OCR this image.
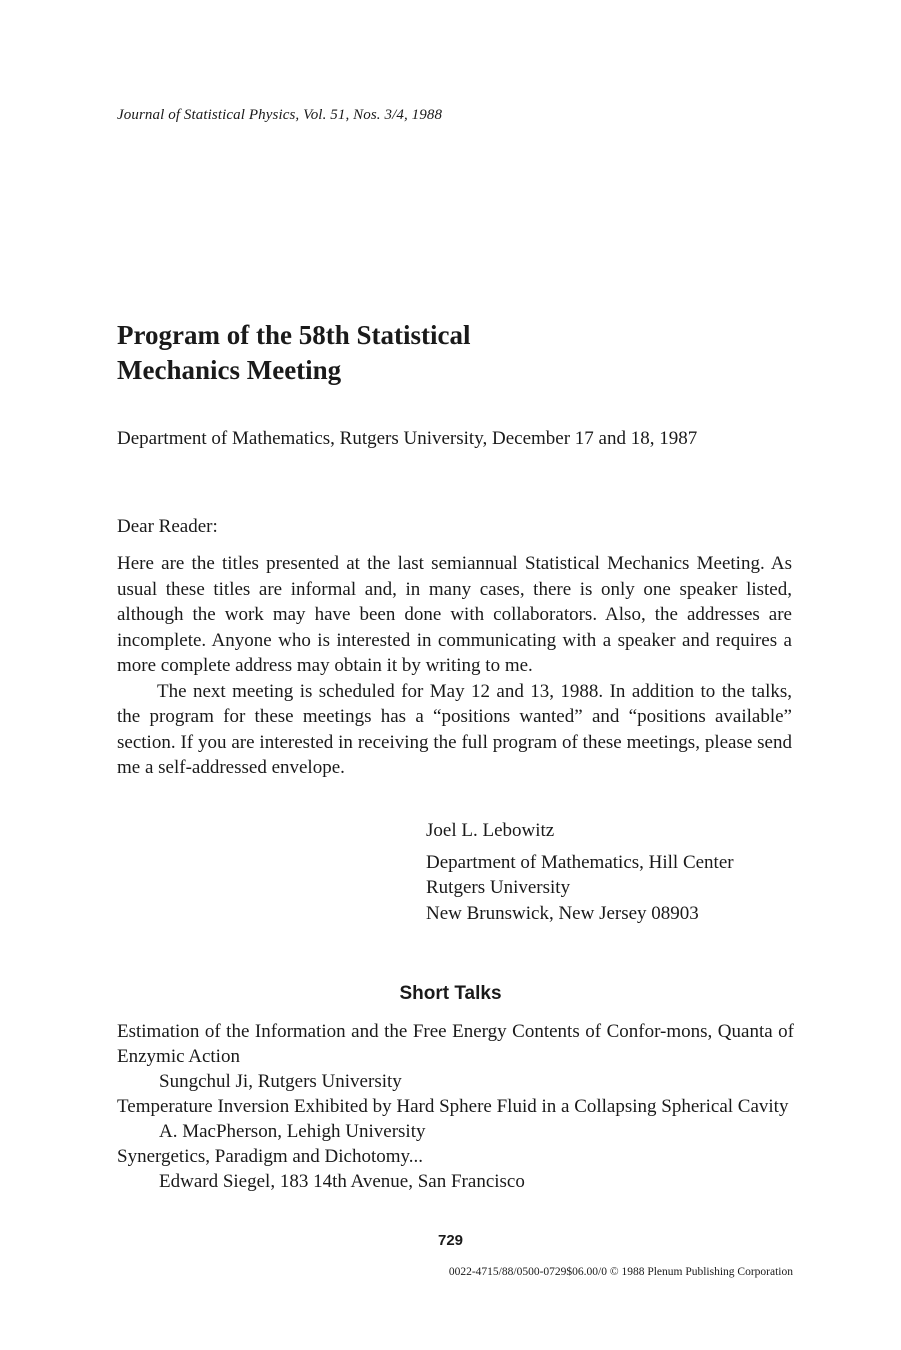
Journal of Statistical Physics, Vol. 51, Nos. 3/4, 1988
Program of the 58th Statistical
Mechanics Meeting

Department of Mathematics, Rutgers University, December 17 and 18, 1987

Dear Reader:

Here are the titles presented at the last semiannual Statistical Mechanics Meeting. As usual these titles are informal and, in many cases, there is only one speaker listed, although the work may have been done with collaborators. Also, the addresses are incomplete. Anyone who is interested in communicating with a speaker and requires a more complete address may obtain it by writing to me.

The next meeting is scheduled for May 12 and 13, 1988. In addition to the talks, the program for these meetings has a “positions wanted” and “positions available” section. If you are interested in receiving the full program of these meetings, please send me a self-addressed envelope.

Joel L. Lebowitz
Department of Mathematics, Hill Center
Rutgers University
New Brunswick, New Jersey 08903
Short Talks

Estimation of the Information and the Free Energy Contents of Confor-mons, Quanta of Enzymic Action

Sungchul Ji, Rutgers University

Temperature Inversion Exhibited by Hard Sphere Fluid in a Collapsing Spherical Cavity

A. MacPherson, Lehigh University

Synergetics, Paradigm and Dichotomy...

Edward Siegel, 183 14th Avenue, San Francisco

729
0022-4715/88/0500-0729$06.00/0 © 1988 Plenum Publishing Corporation
